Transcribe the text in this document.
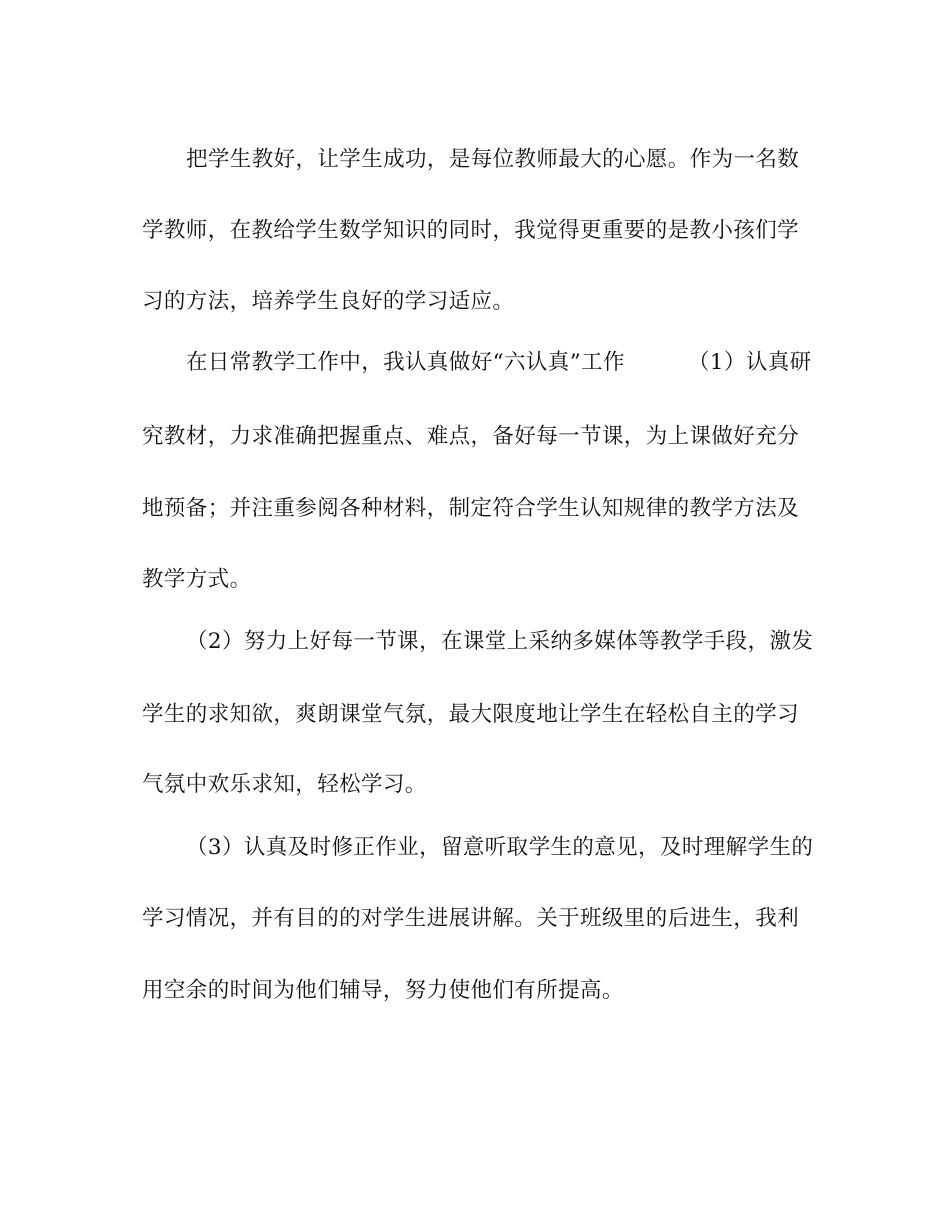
把学生教好，让学生成功，是每位教师最大的心愿。作为一名数
学教师，在教给学生数学知识的同时，我觉得更重要的是教小孩们学
习的方法，培养学生良好的学习适应。
在日常教学工作中，我认真做好“六认真”工作	（1）认真研
究教材，力求准确把握重点、难点，备好每一节课，为上课做好充分
地预备；并注重参阅各种材料，制定符合学生认知规律的教学方法及
教学方式。
（2）努力上好每一节课，在课堂上采纳多媒体等教学手段，激发
学生的求知欲，爽朗课堂气氛，最大限度地让学生在轻松自主的学习
气氛中欢乐求知，轻松学习。
（3）认真及时修正作业，留意听取学生的意见，及时理解学生的
学习情况，并有目的的对学生进展讲解。关于班级里的后进生，我利
用空余的时间为他们辅导，努力使他们有所提高。
